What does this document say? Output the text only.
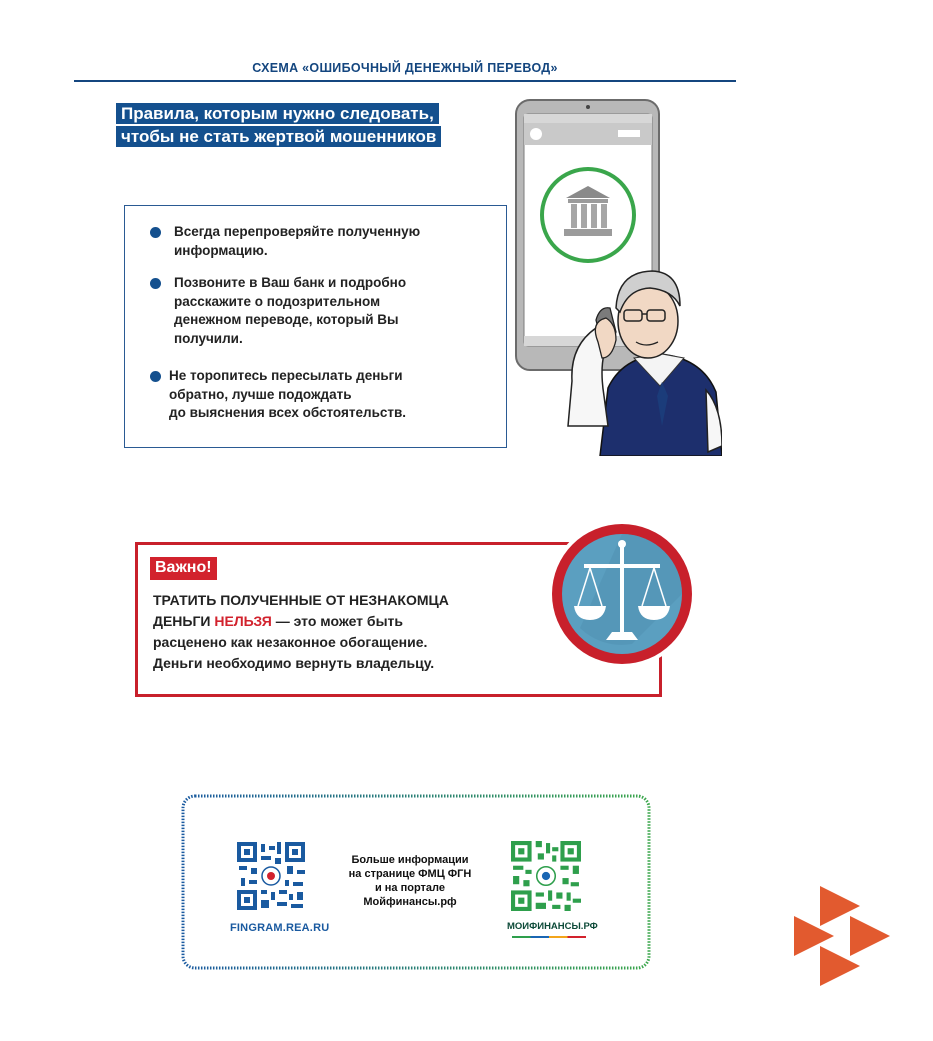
СХЕМА «ОШИБОЧНЫЙ ДЕНЕЖНЫЙ ПЕРЕВОД»
Правила, которым нужно следовать,
чтобы не стать жертвой мошенников
Всегда перепроверяйте полученную
информацию.
Позвоните в Ваш банк и подробно
расскажите о подозрительном
денежном переводе, который Вы
получили.
Не торопитесь пересылать деньги
обратно, лучше подождать
до выяснения всех обстоятельств.
Важно!
ТРАТИТЬ ПОЛУЧЕННЫЕ ОТ НЕЗНАКОМЦА
ДЕНЬГИ НЕЛЬЗЯ — это может быть
расценено как незаконное обогащение.
Деньги необходимо вернуть владельцу.
FINGRAM.REA.RU
Больше информации
на странице ФМЦ ФГН
и на портале
Мойфинансы.рф
МОИФИНАНСЫ.РФ
